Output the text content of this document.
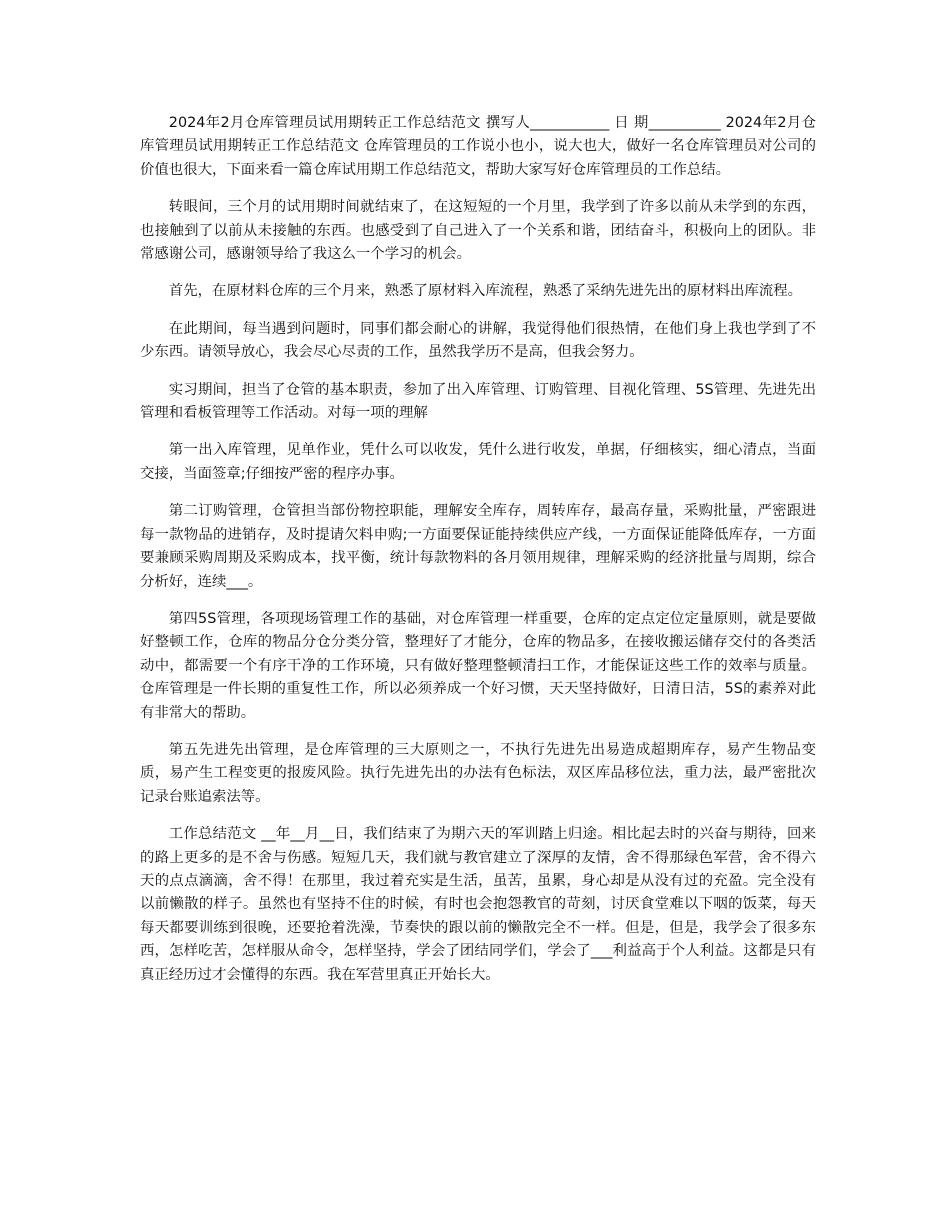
2024年2月仓库管理员试用期转正工作总结范文 撰写人___________ 日 期__________ 2024年2月仓库管理员试用期转正工作总结范文 仓库管理员的工作说小也小，说大也大，做好一名仓库管理员对公司的价值也很大，下面来看一篇仓库试用期工作总结范文，帮助大家写好仓库管理员的工作总结。

转眼间，三个月的试用期时间就结束了，在这短短的一个月里，我学到了许多以前从未学到的东西，也接触到了以前从未接触的东西。也感受到了自己进入了一个关系和谐，团结奋斗，积极向上的团队。非常感谢公司，感谢领导给了我这么一个学习的机会。

首先，在原材料仓库的三个月来，熟悉了原材料入库流程，熟悉了采纳先进先出的原材料出库流程。

在此期间，每当遇到问题时，同事们都会耐心的讲解，我觉得他们很热情，在他们身上我也学到了不少东西。请领导放心，我会尽心尽责的工作，虽然我学历不是高，但我会努力。

实习期间，担当了仓管的基本职责，参加了出入库管理、订购管理、目视化管理、5S管理、先进先出管理和看板管理等工作活动。对每一项的理解

第一出入库管理，见单作业，凭什么可以收发，凭什么进行收发，单据，仔细核实，细心清点，当面交接，当面签章;仔细按严密的程序办事。

第二订购管理，仓管担当部份物控职能，理解安全库存，周转库存，最高存量，采购批量，严密跟进每一款物品的进销存，及时提请欠料申购;一方面要保证能持续供应产线，一方面保证能降低库存，一方面要兼顾采购周期及采购成本，找平衡，统计每款物料的各月领用规律，理解采购的经济批量与周期，综合分析好，连续___。

第四5S管理，各项现场管理工作的基础，对仓库管理一样重要，仓库的定点定位定量原则，就是要做好整顿工作，仓库的物品分仓分类分管，整理好了才能分，仓库的物品多，在接收搬运储存交付的各类活动中，都需要一个有序干净的工作环境，只有做好整理整顿清扫工作，才能保证这些工作的效率与质量。仓库管理是一件长期的重复性工作，所以必须养成一个好习惯，天天坚持做好，日清日洁，5S的素养对此有非常大的帮助。

第五先进先出管理，是仓库管理的三大原则之一，不执行先进先出易造成超期库存，易产生物品变质，易产生工程变更的报废风险。执行先进先出的办法有色标法，双区库品移位法，重力法，最严密批次记录台账追索法等。

工作总结范文 __年__月__日，我们结束了为期六天的军训踏上归途。相比起去时的兴奋与期待，回来的路上更多的是不舍与伤感。短短几天，我们就与教官建立了深厚的友情，舍不得那绿色军营，舍不得六天的点点滴滴，舍不得！在那里，我过着充实是生活，虽苦，虽累，身心却是从没有过的充盈。完全没有以前懒散的样子。虽然也有坚持不住的时候，有时也会抱怨教官的苛刻，讨厌食堂难以下咽的饭菜，每天每天都要训练到很晚，还要抢着洗澡，节奏快的跟以前的懒散完全不一样。但是，但是，我学会了很多东西，怎样吃苦，怎样服从命令，怎样坚持，学会了团结同学们，学会了___利益高于个人利益。这都是只有真正经历过才会懂得的东西。我在军营里真正开始长大。
